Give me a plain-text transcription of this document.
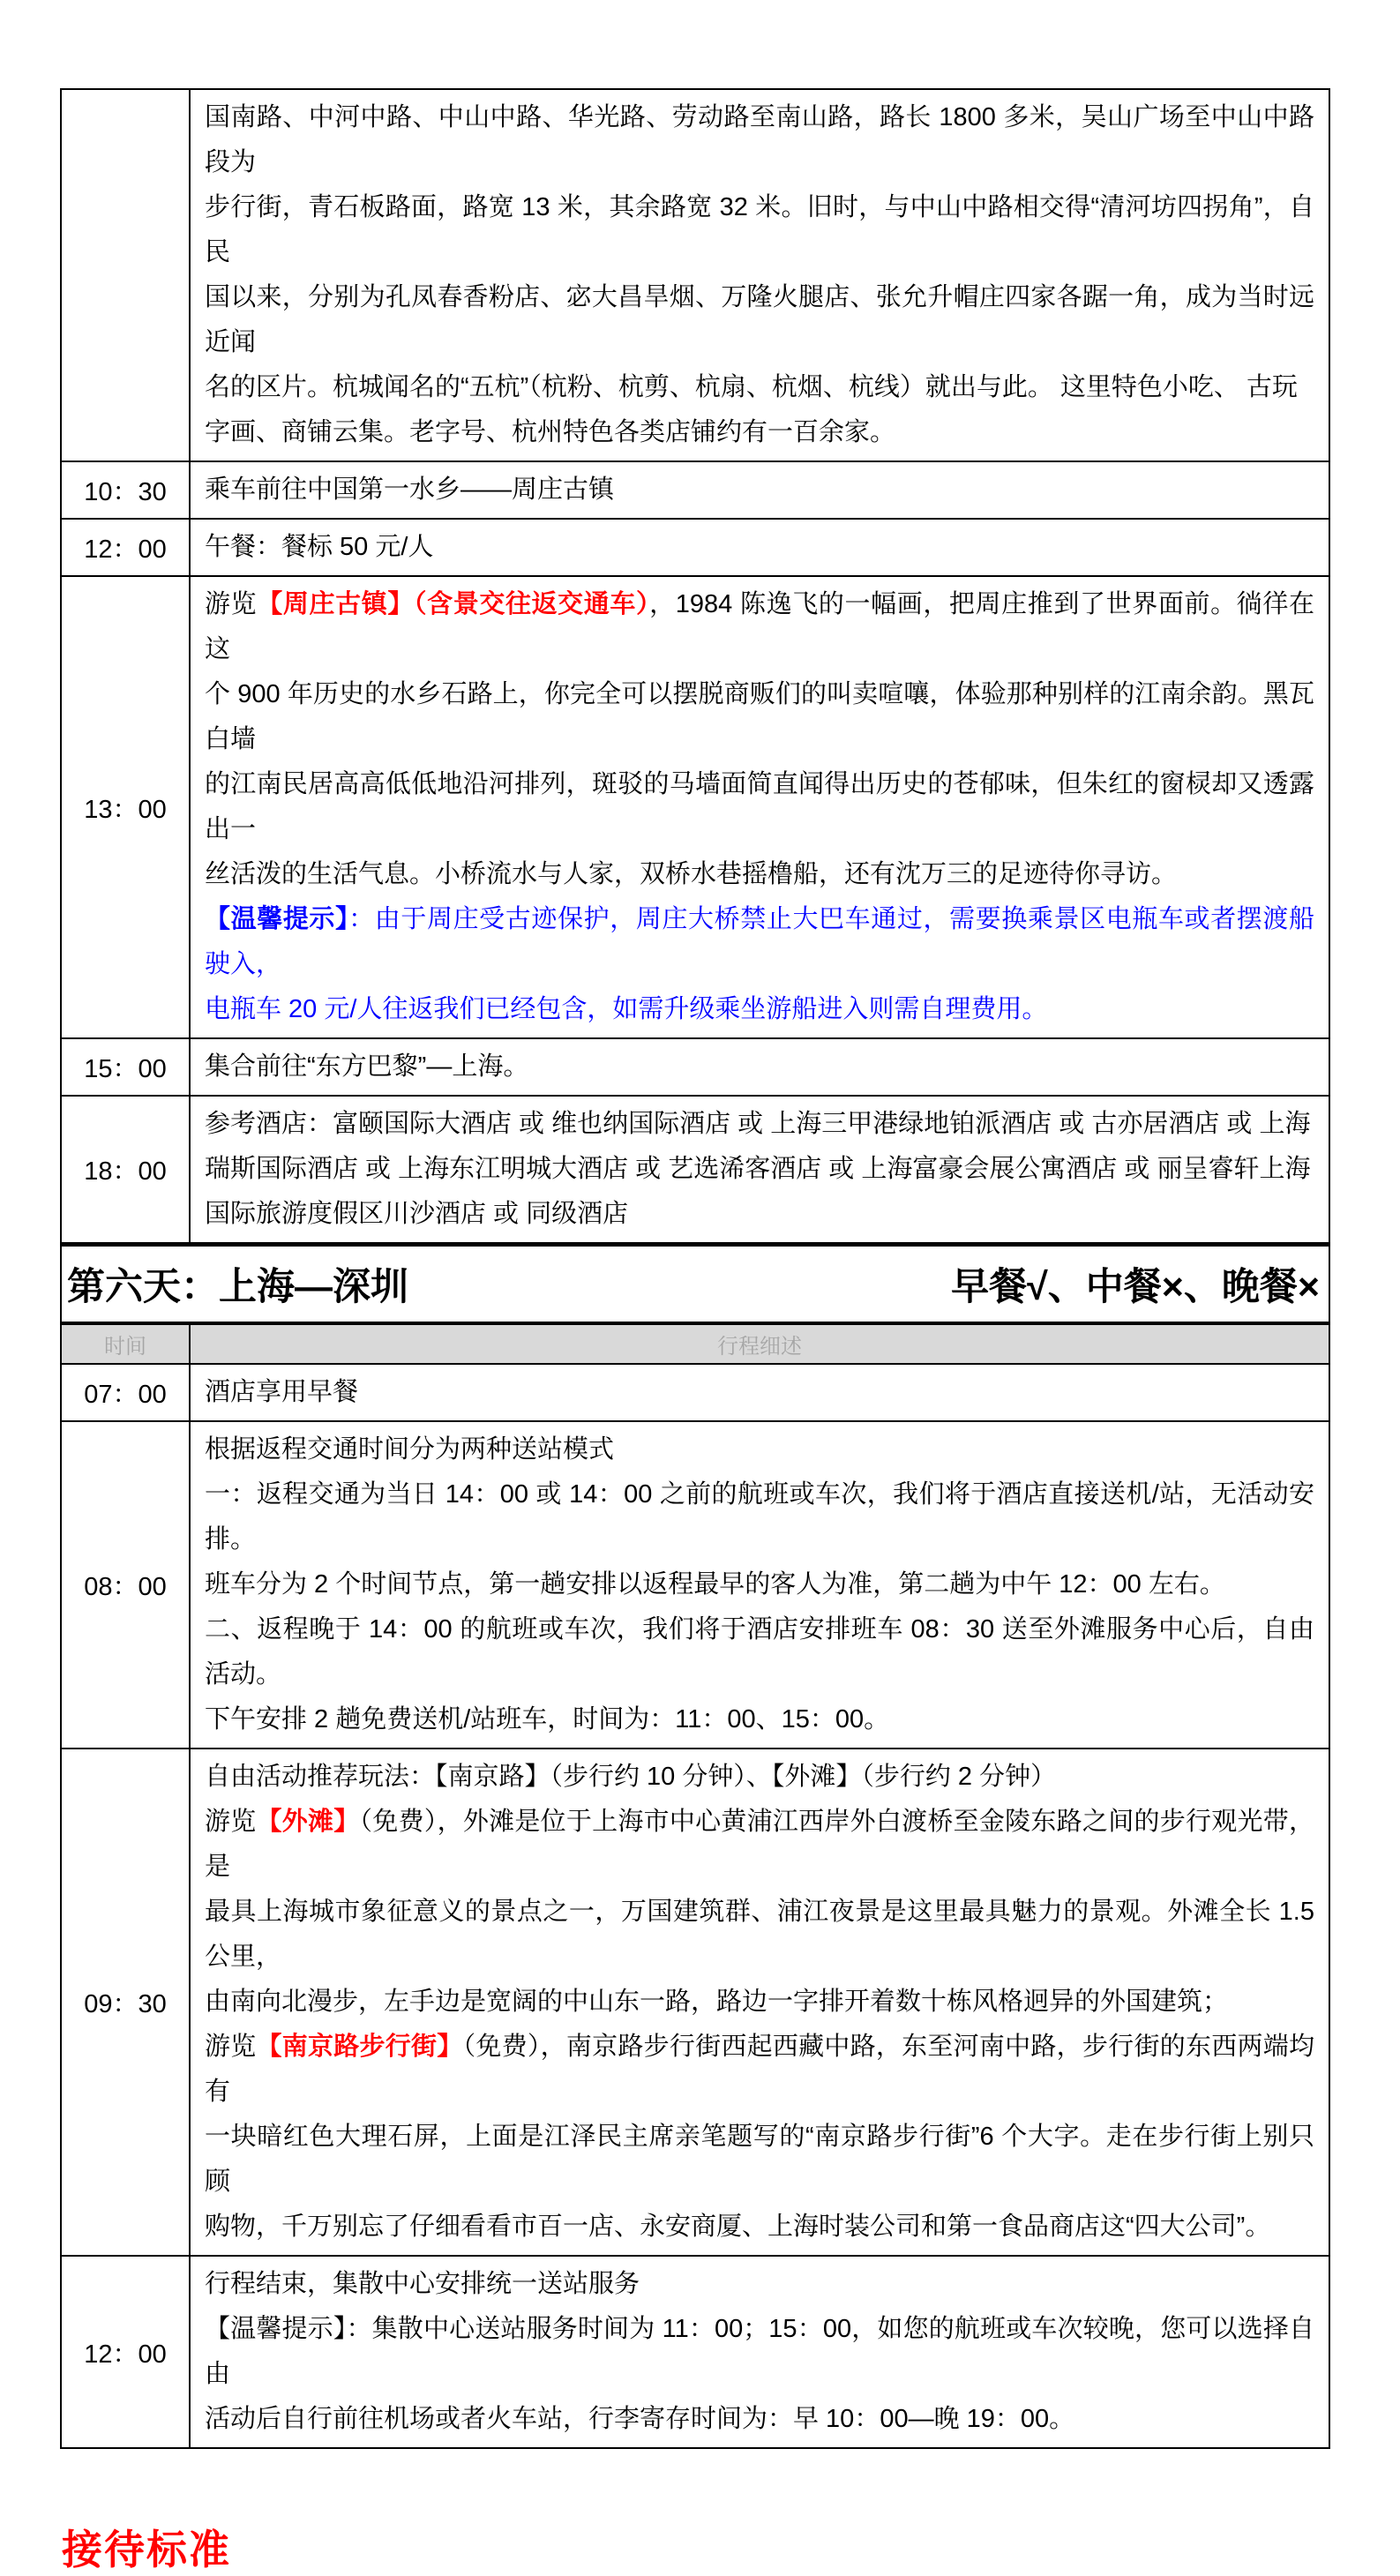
	国南路、中河中路、中山中路、华光路、劳动路至南山路，路长 1800 多米，吴山广场至中山中路段为
步行街，青石板路面，路宽 13 米，其余路宽 32 米。旧时，与中山中路相交得“清河坊四拐角”，自民
国以来，分别为孔凤春香粉店、宓大昌旱烟、万隆火腿店、张允升帽庄四家各踞一角，成为当时远近闻
名的区片。杭城闻名的“五杭”（杭粉、杭剪、杭扇、杭烟、杭线）就出与此。 这里特色小吃、 古玩
字画、商铺云集。老字号、杭州特色各类店铺约有一百余家。

10：30	乘车前往中国第一水乡——周庄古镇

12：00	午餐：餐标 50 元/人

13：00	
游览【周庄古镇】（含景交往返交通车），1984 陈逸飞的一幅画，把周庄推到了世界面前。徜徉在这
个 900 年历史的水乡石路上，你完全可以摆脱商贩们的叫卖喧嚷，体验那种别样的江南余韵。黑瓦白墙
的江南民居高高低低地沿河排列，斑驳的马墙面简直闻得出历史的苍郁味，但朱红的窗棂却又透露出一
丝活泼的生活气息。小桥流水与人家，双桥水巷摇橹船，还有沈万三的足迹待你寻访。
【温馨提示】：由于周庄受古迹保护，周庄大桥禁止大巴车通过，需要换乘景区电瓶车或者摆渡船驶入，
电瓶车 20 元/人往返我们已经包含，如需升级乘坐游船进入则需自理费用。

15：00	集合前往“东方巴黎”—上海。

18：00	参考酒店：富颐国际大酒店 或 维也纳国际酒店 或 上海三甲港绿地铂派酒店 或 古亦居酒店 或 上海
瑞斯国际酒店 或 上海东江明城大酒店 或 艺选浠客酒店 或 上海富豪会展公寓酒店 或 丽呈睿轩上海
国际旅游度假区川沙酒店 或 同级酒店
第六天：上海—深圳	早餐√、中餐×、晚餐×
时间	行程细述
07：00	酒店享用早餐

08：00	根据返程交通时间分为两种送站模式
一：返程交通为当日 14：00 或 14：00 之前的航班或车次，我们将于酒店直接送机/站，无活动安排。
班车分为 2 个时间节点，第一趟安排以返程最早的客人为准，第二趟为中午 12：00 左右。
二、返程晚于 14：00 的航班或车次，我们将于酒店安排班车 08：30 送至外滩服务中心后，自由活动。
下午安排 2 趟免费送机/站班车，时间为：11：00、15：00。

09：30	
自由活动推荐玩法：【南京路】（步行约 10 分钟）、【外滩】（步行约 2 分钟）
游览【外滩】（免费），外滩是位于上海市中心黄浦江西岸外白渡桥至金陵东路之间的步行观光带，是
最具上海城市象征意义的景点之一，万国建筑群、浦江夜景是这里最具魅力的景观。外滩全长 1.5 公里，
由南向北漫步，左手边是宽阔的中山东一路，路边一字排开着数十栋风格迥异的外国建筑；
游览【南京路步行街】（免费），南京路步行街西起西藏中路，东至河南中路，步行街的东西两端均有
一块暗红色大理石屏，上面是江泽民主席亲笔题写的“南京路步行街”6 个大字。走在步行街上别只顾
购物，千万别忘了仔细看看市百一店、永安商厦、上海时装公司和第一食品商店这“四大公司”。

12：00	行程结束，集散中心安排统一送站服务
【温馨提示】：集散中心送站服务时间为 11：00；15：00，如您的航班或车次较晚，您可以选择自由
活动后自行前往机场或者火车站，行李寄存时间为：早 10：00—晚 19：00。
接待标准
